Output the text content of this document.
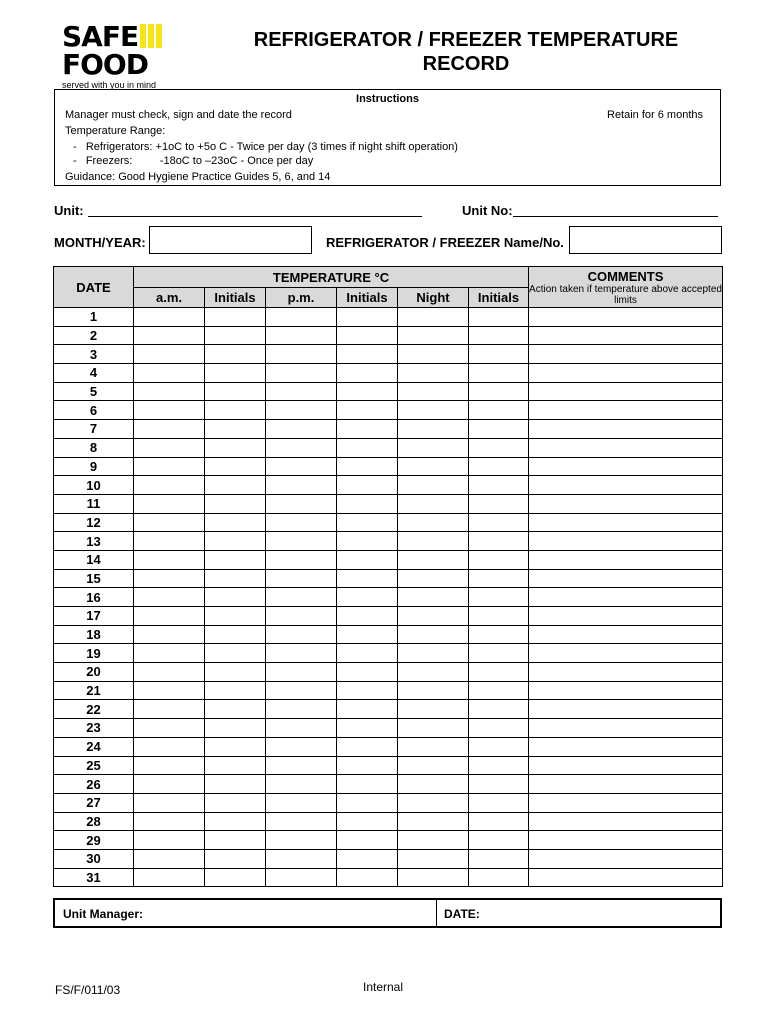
SAFE
FOOD
served with you in mind
REFRIGERATOR / FREEZER TEMPERATURE
RECORD
Instructions
Manager must check, sign and date the record	Retain for 6 months
Temperature Range:
-   Refrigerators: +1oC to +5o C - Twice per day (3 times if night shift operation)
-   Freezers:         -18oC to –23oC - Once per day
Guidance: Good Hygiene Practice Guides 5, 6, and 14
Unit:	Unit No:
MONTH/YEAR:	REFRIGERATOR / FREEZER Name/No.
DATE	TEMPERATURE °C						COMMENTS
Action taken if temperature above accepted limits

	a.m.	Initials	p.m.	Initials	Night	Initials	
1							
2							
3							
4							
5							
6							
7							
8							
9							
10							
11							
12							
13							
14							
15							
16							
17							
18							
19							
20							
21							
22							
23							
24							
25							
26							
27							
28							
29							
30							
31							
Unit Manager:	DATE:
FS/F/011/03	Internal
